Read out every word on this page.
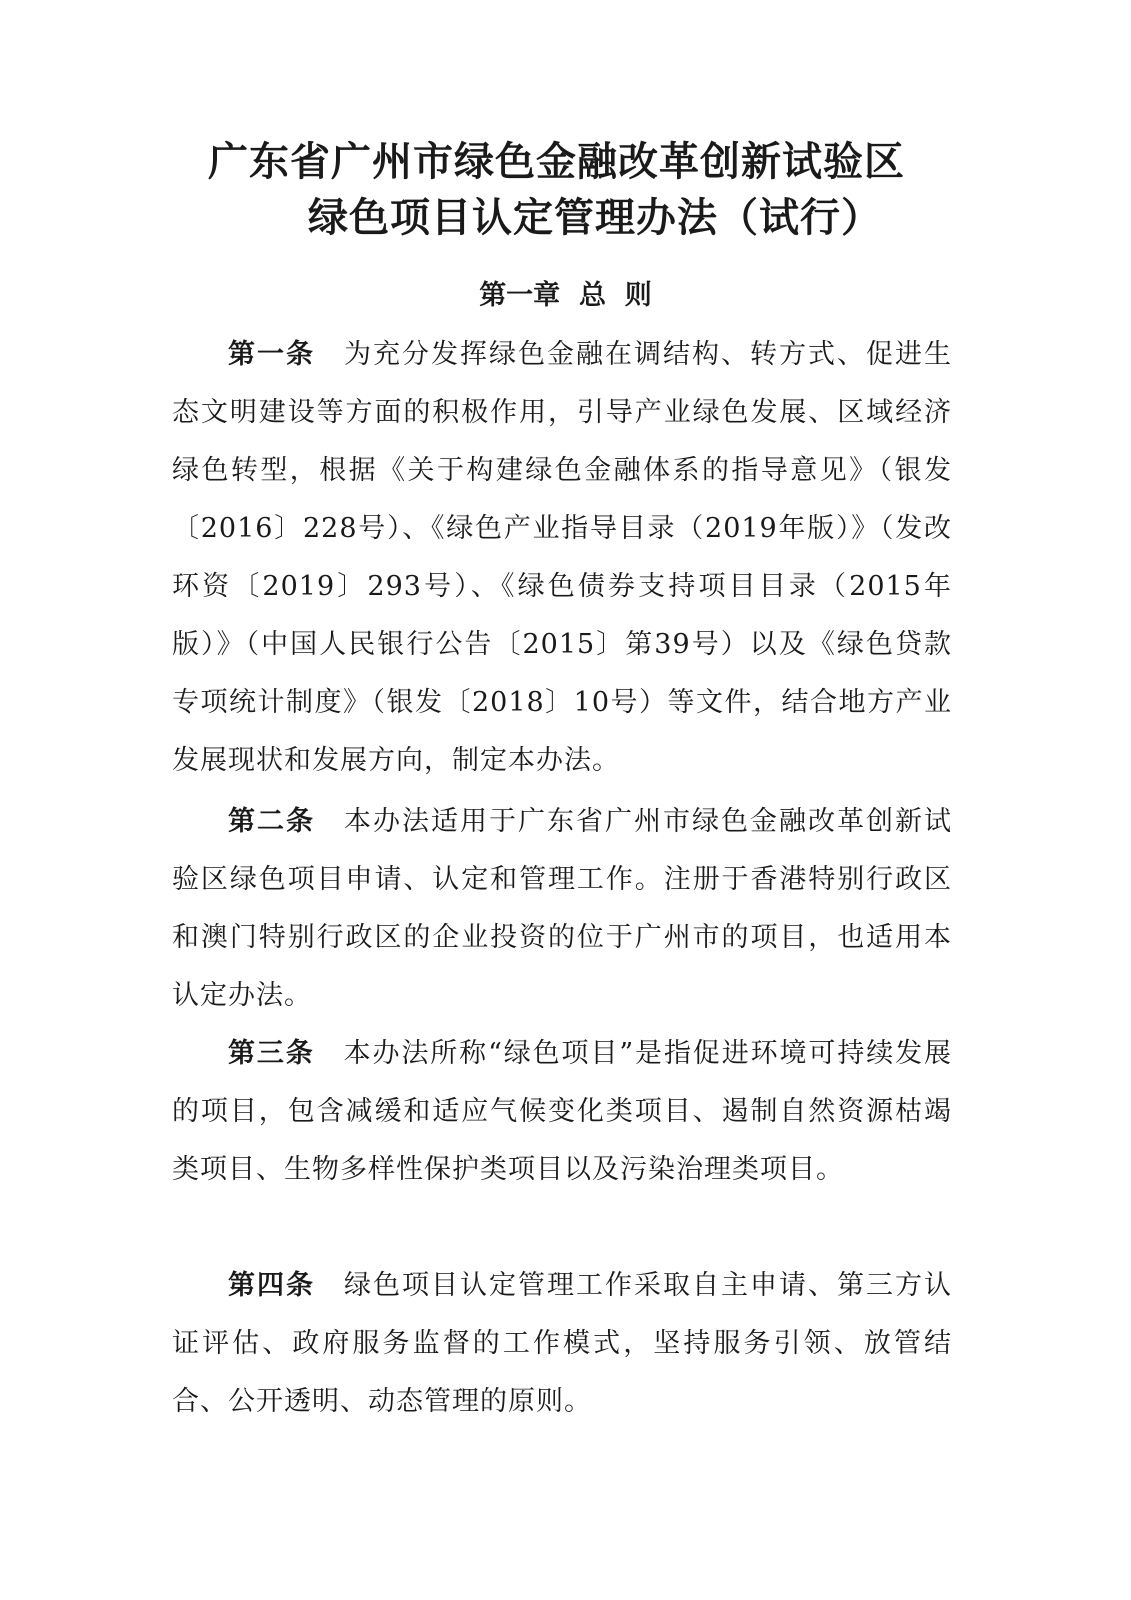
广东省广州市绿色金融改革创新试验区
绿色项目认定管理办法（试行）
第一章  总  则
第一条　 为充分发挥绿色金融在调结构、转方式、促进生态文明建设等方面的积极作用，引导产业绿色发展、区域经济绿色转型，根据《关于构建绿色金融体系的指导意见》（银发〔2016〕228号）、《绿色产业指导目录（2019年版）》（发改环资〔2019〕293号）、《绿色债券支持项目目录（2015年版）》（中国人民银行公告〔2015〕第39号）以及《绿色贷款专项统计制度》（银发〔2018〕10号）等文件，结合地方产业发展现状和发展方向，制定本办法。
第二条　 本办法适用于广东省广州市绿色金融改革创新试验区绿色项目申请、认定和管理工作。注册于香港特别行政区和澳门特别行政区的企业投资的位于广州市的项目，也适用本认定办法。
第三条　 本办法所称“绿色项目”是指促进环境可持续发展的项目，包含减缓和适应气候变化类项目、遏制自然资源枯竭类项目、生物多样性保护类项目以及污染治理类项目。
第四条　 绿色项目认定管理工作采取自主申请、第三方认证评估、政府服务监督的工作模式，坚持服务引领、放管结合、公开透明、动态管理的原则。
